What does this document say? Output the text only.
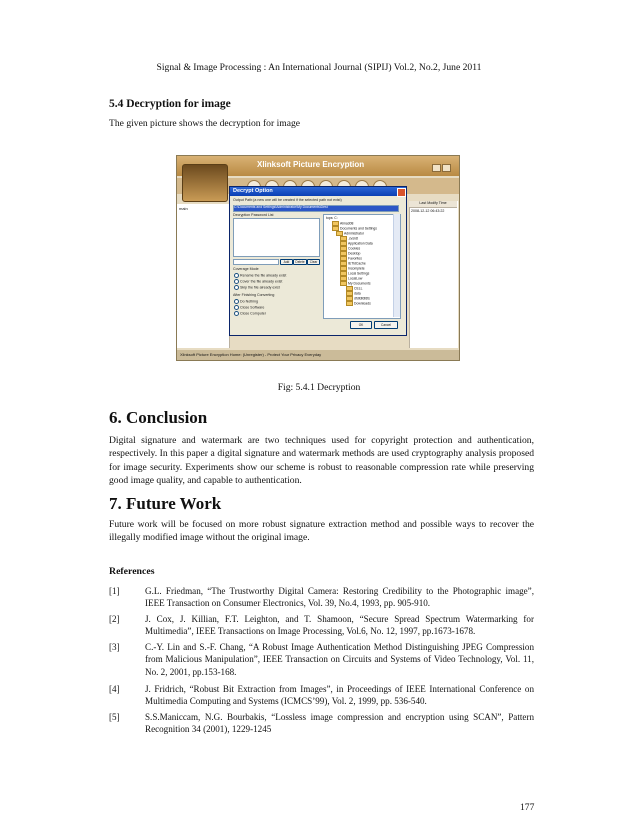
Signal & Image Processing : An International Journal (SIPIJ) Vol.2, No.2, June 2011
5.4 Decryption for image
The given picture shows the decryption for image
Xlinksoft Picture Encryption
main
Last Modify Time
2008-12-12 06:43:22
Xlinksoft Picture Encryption Home: (Unregister) - Protect Your Privacy Everyday
Decrypt Option
Output Path:(a new one will be created if the selected path not exist)
C:\Documents and Settings\Administrator\My Documents\Dest
Decryption Password List
Add	Delete	Clear
Coverage Mode
Rename the file already exist
Cover the file already exist
Skip the file already exist
After Finishing Converting
Do Nothing
Close Software
Close Computer
tops: C:
Alma308
Documents and Settings
Administrator
.cvsrdt
Application Data
Cookies
Desktop
Favorites
IETldCache
Incomplete
Local Settings
LocalLow
My Documents
CELL
data
dfdfdfdfdfs
Downloads
OK	Cancel
Fig: 5.4.1 Decryption
6. Conclusion
Digital signature and watermark are two techniques used for copyright protection and authentication, respectively. In this paper a digital signature and watermark methods are used cryptography analysis proposed for image security. Experiments show our scheme is robust to reasonable compression rate while preserving good image quality, and capable to authentication.
7. Future Work
Future work will be focused on more robust signature extraction method and possible ways to recover the illegally modified image without the original image.
References
[1]	G.L. Friedman, “The Trustworthy Digital Camera: Restoring Credibility to the Photographic image”, IEEE Transaction on Consumer Electronics, Vol. 39, No.4, 1993, pp. 905-910.
[2]	J. Cox, J. Killian, F.T. Leighton, and T. Shamoon, “Secure Spread Spectrum Watermarking for Multimedia”, IEEE Transactions on Image Processing, Vol.6, No. 12, 1997, pp.1673-1678.
[3]	C.-Y. Lin and S.-F. Chang, “A Robust Image Authentication Method Distinguishing JPEG Compression from Malicious Manipulation”, IEEE Transaction on Circuits and Systems of Video Technology, Vol. 11, No. 2, 2001, pp.153-168.
[4]	J. Fridrich, “Robust Bit Extraction from Images”, in Proceedings of IEEE International Conference on Multimedia Computing and Systems (ICMCS’99), Vol. 2, 1999, pp. 536-540.
[5]	S.S.Maniccam, N.G. Bourbakis, “Lossless image compression and encryption using SCAN”, Pattern Recognition 34 (2001), 1229-1245
177
